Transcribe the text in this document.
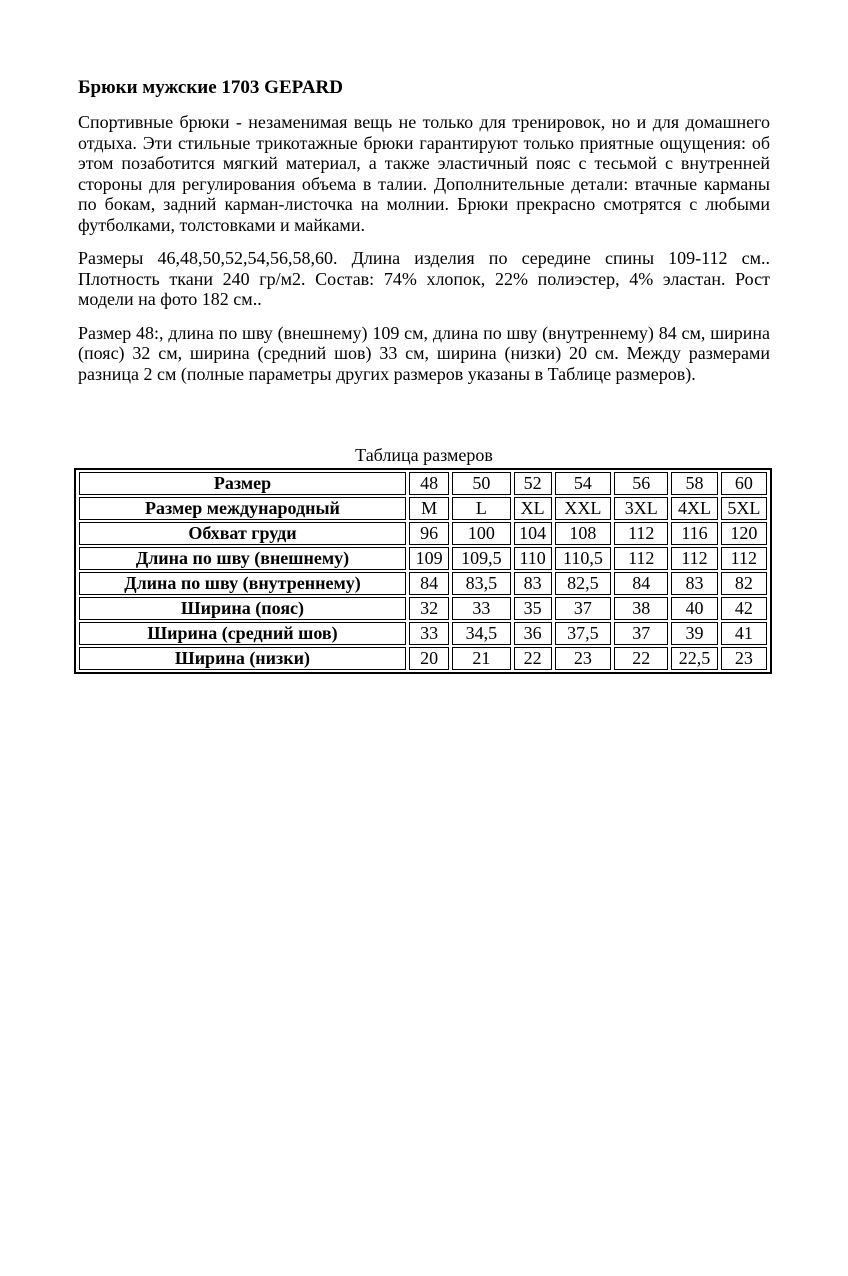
Брюки мужские 1703 GEPARD

Спортивные брюки - незаменимая вещь не только для тренировок, но и для домашнего отдыха. Эти стильные трикотажные брюки гарантируют только приятные ощущения: об этом позаботится мягкий материал, а также эластичный пояс с тесьмой с внутренней стороны для регулирования объема в талии. Дополнительные детали: втачные карманы по бокам, задний карман-листочка на молнии. Брюки прекрасно смотрятся с любыми футболками, толстовками и майками.

Размеры 46,48,50,52,54,56,58,60. Длина изделия по середине спины 109-112 см.. Плотность ткани 240 гр/м2. Состав: 74% хлопок, 22% полиэстер, 4% эластан. Рост модели на фото 182 см..

Размер 48:, длина по шву (внешнему) 109 см, длина по шву (внутреннему) 84 см, ширина (пояс) 32 см, ширина (средний шов) 33 см, ширина (низки) 20 см. Между размерами разница 2 см (полные параметры других размеров указаны в Таблице размеров).

Таблица размеров
Размер	48	50	52	54	56	58	60
Размер международный	M	L	XL	XXL	3XL	4XL	5XL
Обхват груди	96	100	104	108	112	116	120
Длина по шву (внешнему)	109	109,5	110	110,5	112	112	112
Длина по шву (внутреннему)	84	83,5	83	82,5	84	83	82
Ширина (пояс)	32	33	35	37	38	40	42
Ширина (средний шов)	33	34,5	36	37,5	37	39	41
Ширина (низки)	20	21	22	23	22	22,5	23
